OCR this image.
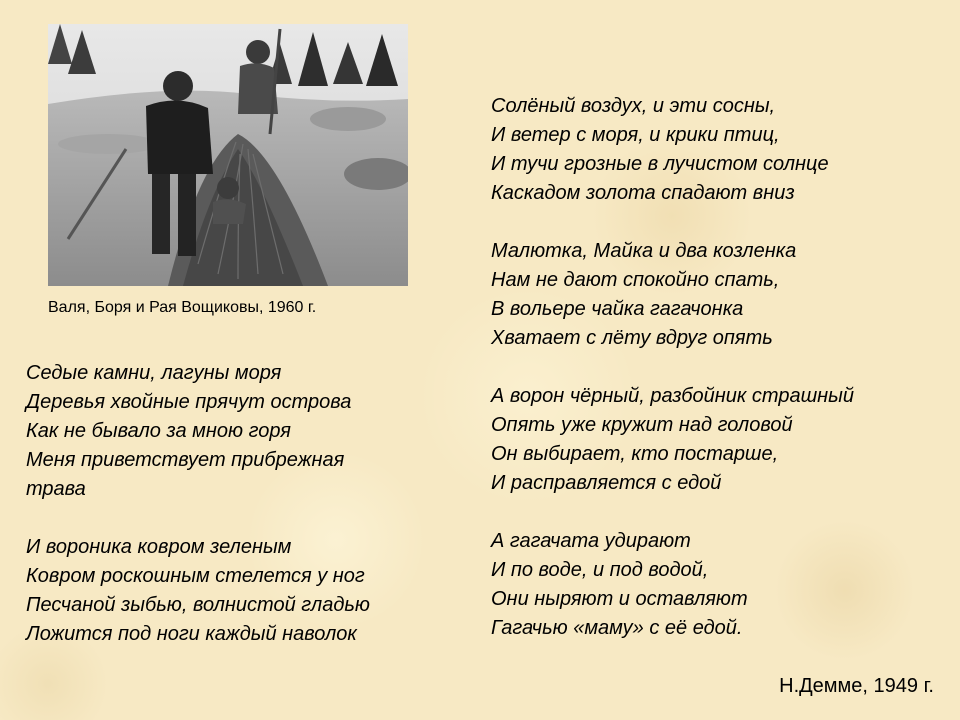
Валя, Боря и Рая Вощиковы, 1960 г.
Седые камни, лагуны моря
Деревья хвойные прячут острова
Как не бывало за мною горя
Меня приветствует прибрежная
трава
И вороника ковром зеленым
Ковром роскошным стелется у ног
Песчаной зыбью, волнистой гладью
Ложится под ноги каждый наволок
Солёный воздух, и эти сосны,
И ветер с моря, и крики птиц,
И тучи грозные в лучистом солнце
Каскадом золота спадают вниз
Малютка, Майка и два козленка
Нам не дают спокойно спать,
В вольере чайка гагачонка
Хватает с лёту вдруг опять
А ворон чёрный, разбойник страшный
Опять уже кружит над головой
Он выбирает, кто постарше,
И расправляется с едой
А гагачата удирают
И по воде, и под водой,
Они ныряют и оставляют
Гагачью «маму» с её едой.
Н.Демме, 1949 г.
